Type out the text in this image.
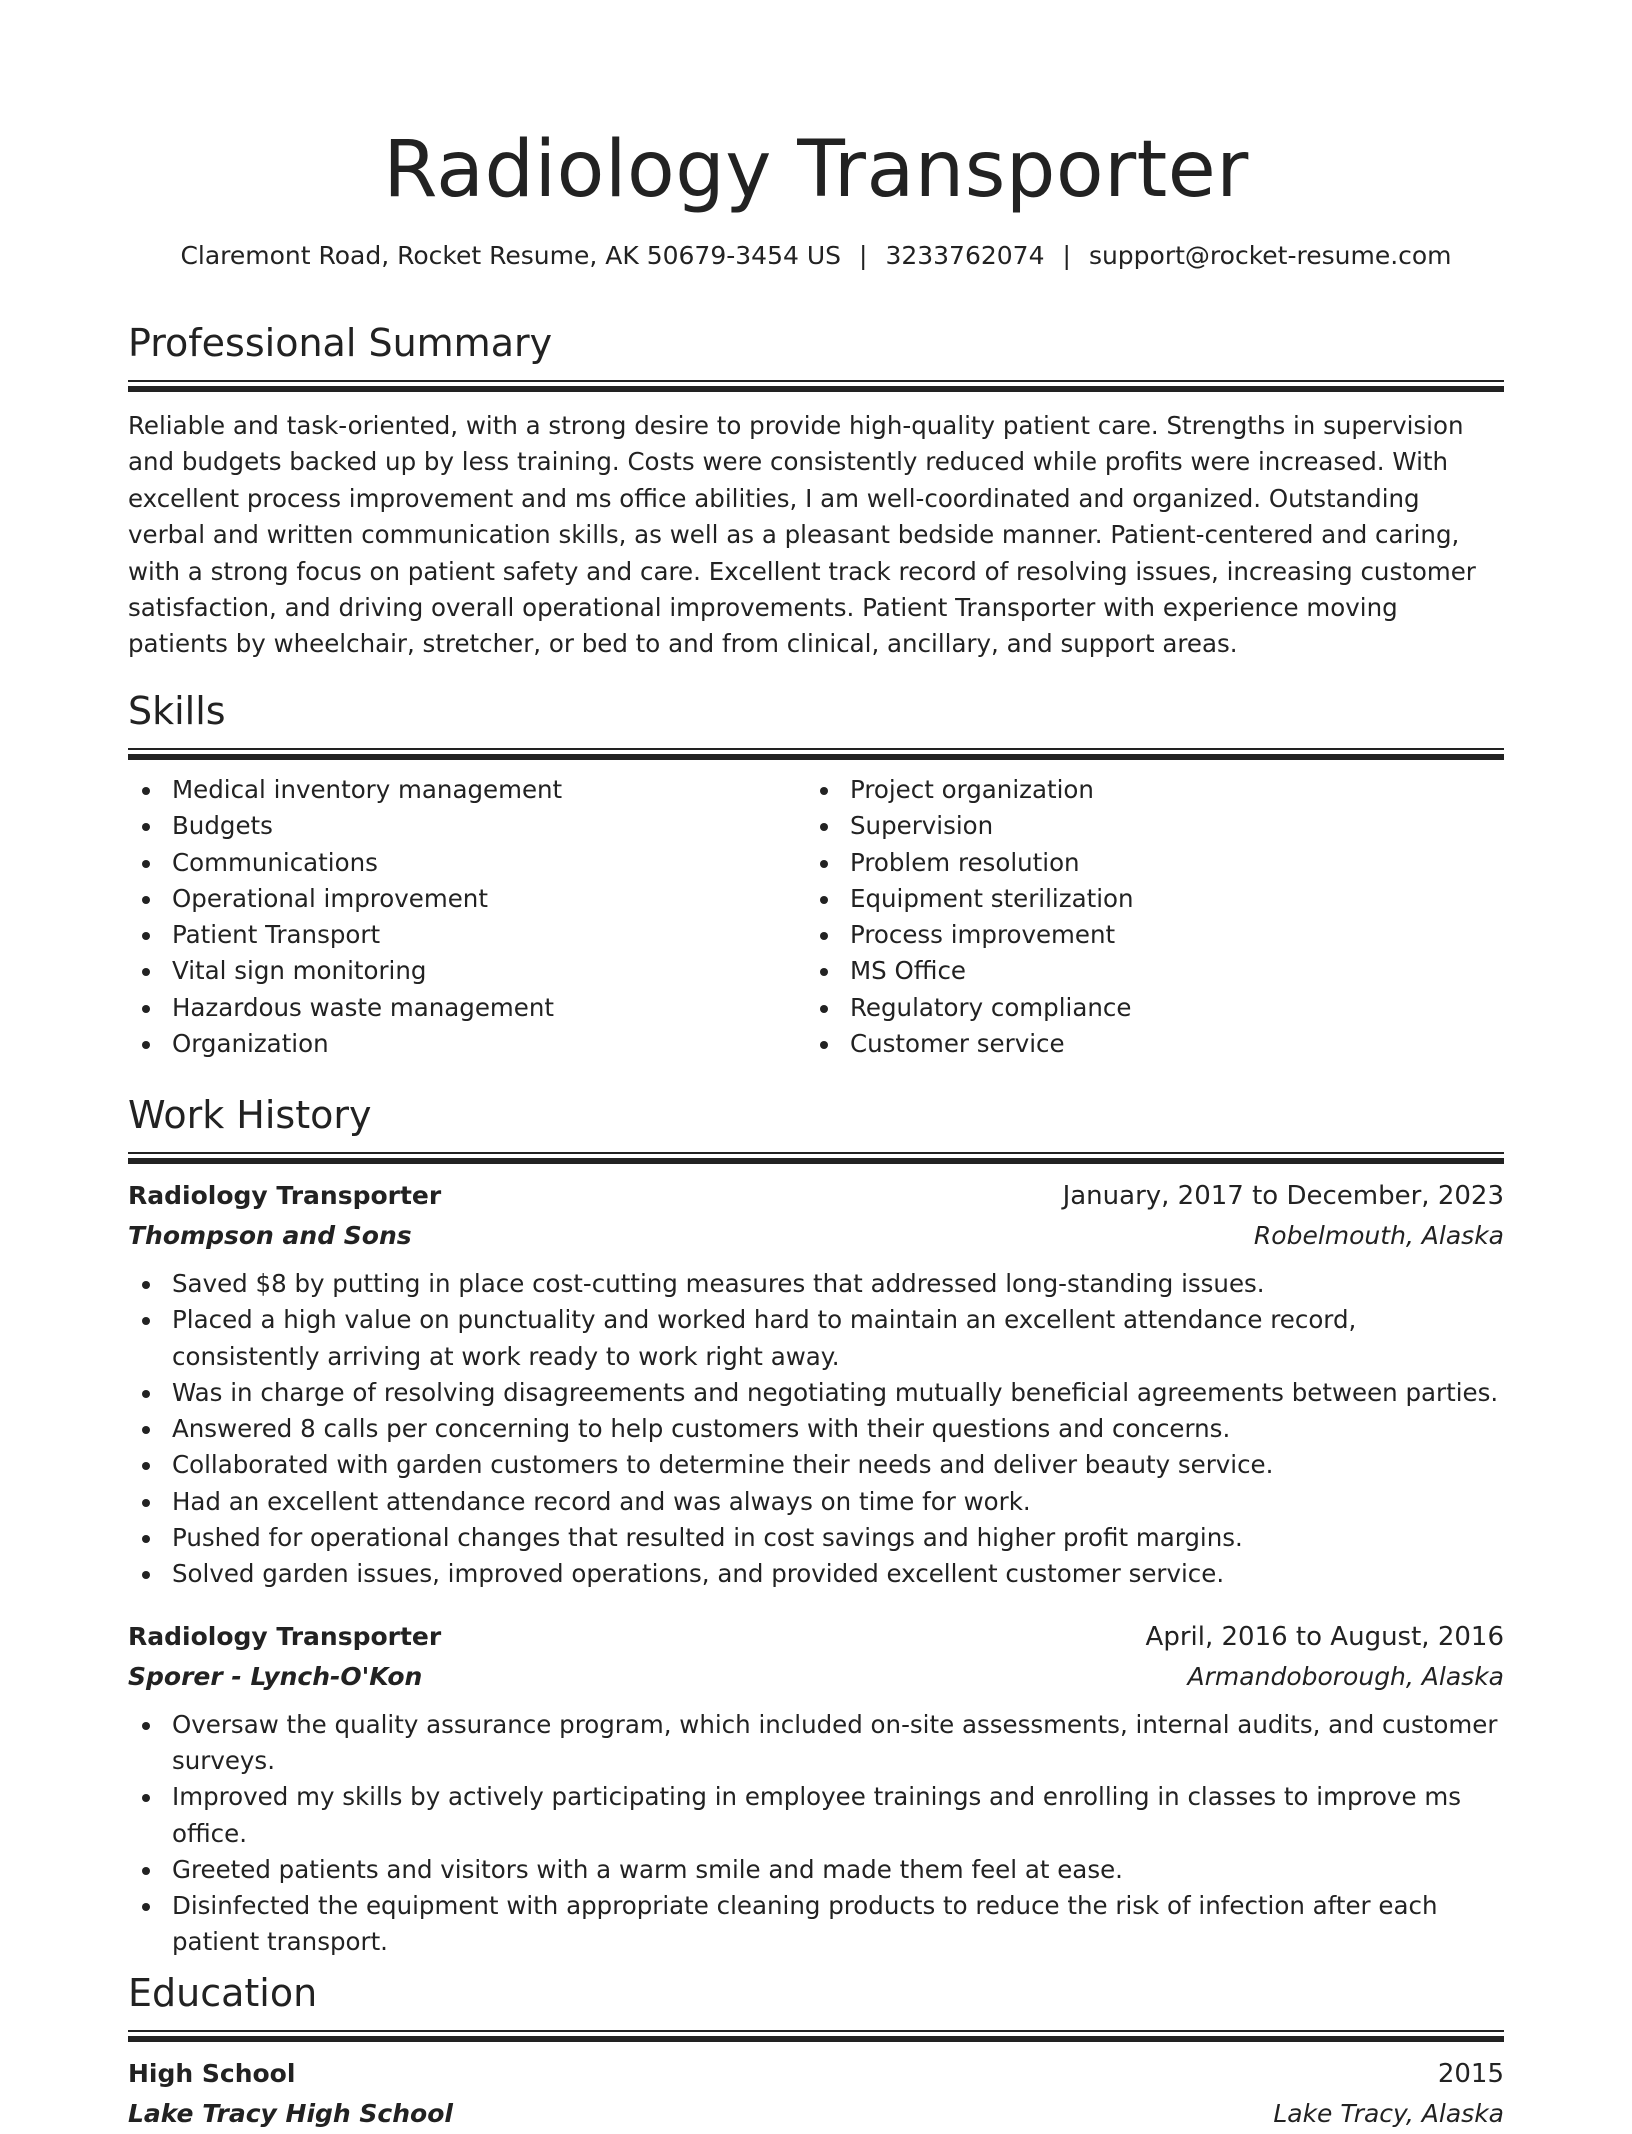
Radiology Transporter
Claremont Road, Rocket Resume, AK 50679-3454 US | 3233762074 | support@rocket-resume.com
Professional Summary

Reliable and task-oriented, with a strong desire to provide high-quality patient care. Strengths in supervision and budgets backed up by less training. Costs were consistently reduced while profits were increased. With excellent process improvement and ms office abilities, I am well-coordinated and organized. Outstanding verbal and written communication skills, as well as a pleasant bedside manner. Patient-centered and caring, with a strong focus on patient safety and care. Excellent track record of resolving issues, increasing customer satisfaction, and driving overall operational improvements. Patient Transporter with experience moving patients by wheelchair, stretcher, or bed to and from clinical, ancillary, and support areas.

Skills
Medical inventory management
Budgets
Communications
Operational improvement
Patient Transport
Vital sign monitoring
Hazardous waste management
Organization
Project organization
Supervision
Problem resolution
Equipment sterilization
Process improvement
MS Office
Regulatory compliance
Customer service
Work History
Radiology Transporter	January, 2017 to December, 2023
Thompson and Sons	Robelmouth, Alaska
Saved $8 by putting in place cost-cutting measures that addressed long-standing issues.
Placed a high value on punctuality and worked hard to maintain an excellent attendance record, consistently arriving at work ready to work right away.
Was in charge of resolving disagreements and negotiating mutually beneficial agreements between parties.
Answered 8 calls per concerning to help customers with their questions and concerns.
Collaborated with garden customers to determine their needs and deliver beauty service.
Had an excellent attendance record and was always on time for work.
Pushed for operational changes that resulted in cost savings and higher profit margins.
Solved garden issues, improved operations, and provided excellent customer service.
Radiology Transporter	April, 2016 to August, 2016
Sporer - Lynch-O'Kon	Armandoborough, Alaska
Oversaw the quality assurance program, which included on-site assessments, internal audits, and customer surveys.
Improved my skills by actively participating in employee trainings and enrolling in classes to improve ms office.
Greeted patients and visitors with a warm smile and made them feel at ease.
Disinfected the equipment with appropriate cleaning products to reduce the risk of infection after each patient transport.
Education
High School	2015
Lake Tracy High School	Lake Tracy, Alaska
